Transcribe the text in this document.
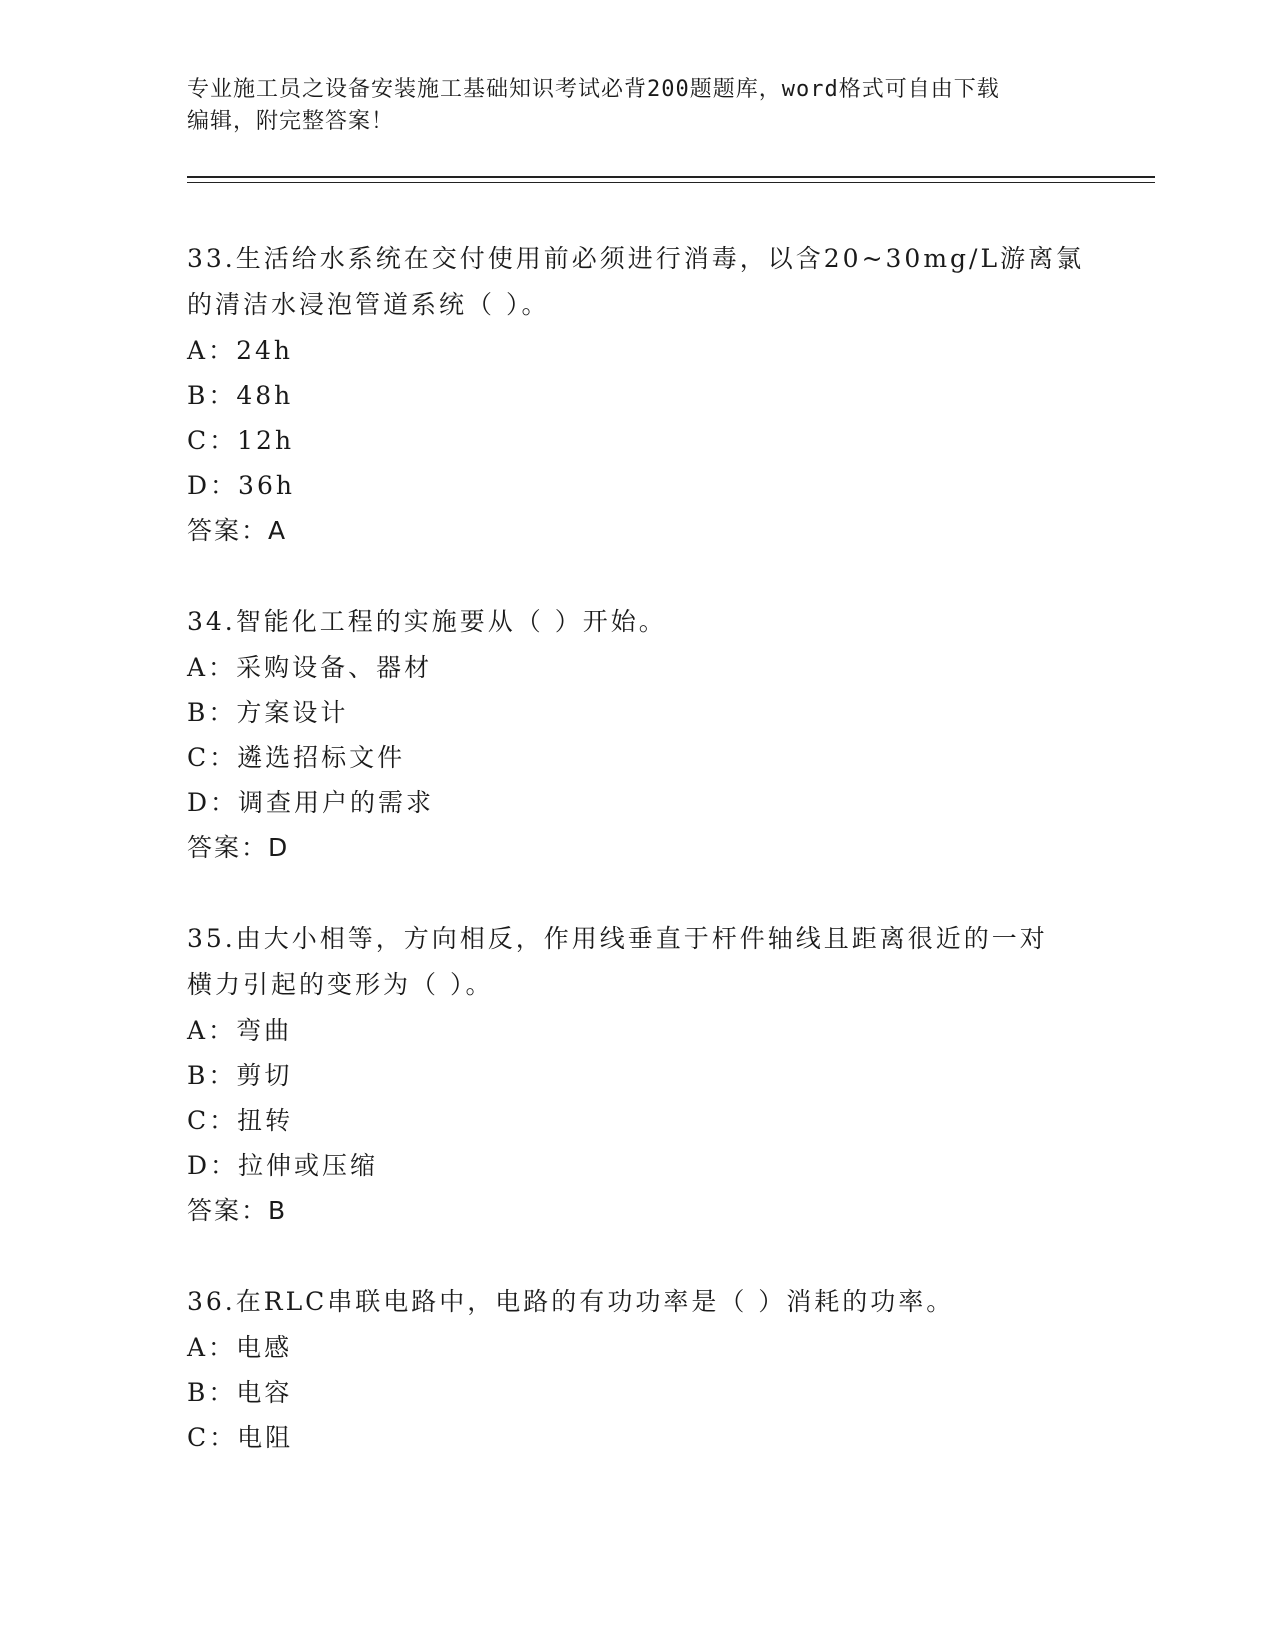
专业施工员之设备安装施工基础知识考试必背200题题库，word格式可自由下载
编辑，附完整答案！

33.生活给水系统在交付使用前必须进行消毒，以含20~30mg/L游离氯
的清洁水浸泡管道系统（ ）。

A： 24h

B： 48h

C： 12h

D： 36h

答案：A

34.智能化工程的实施要从（ ）开始。

A： 采购设备、器材

B： 方案设计

C： 遴选招标文件

D： 调查用户的需求

答案：D

35.由大小相等，方向相反，作用线垂直于杆件轴线且距离很近的一对
横力引起的变形为（ ）。

A： 弯曲

B： 剪切

C： 扭转

D： 拉伸或压缩

答案：B

36.在RLC串联电路中，电路的有功功率是（ ）消耗的功率。

A： 电感

B： 电容

C： 电阻
